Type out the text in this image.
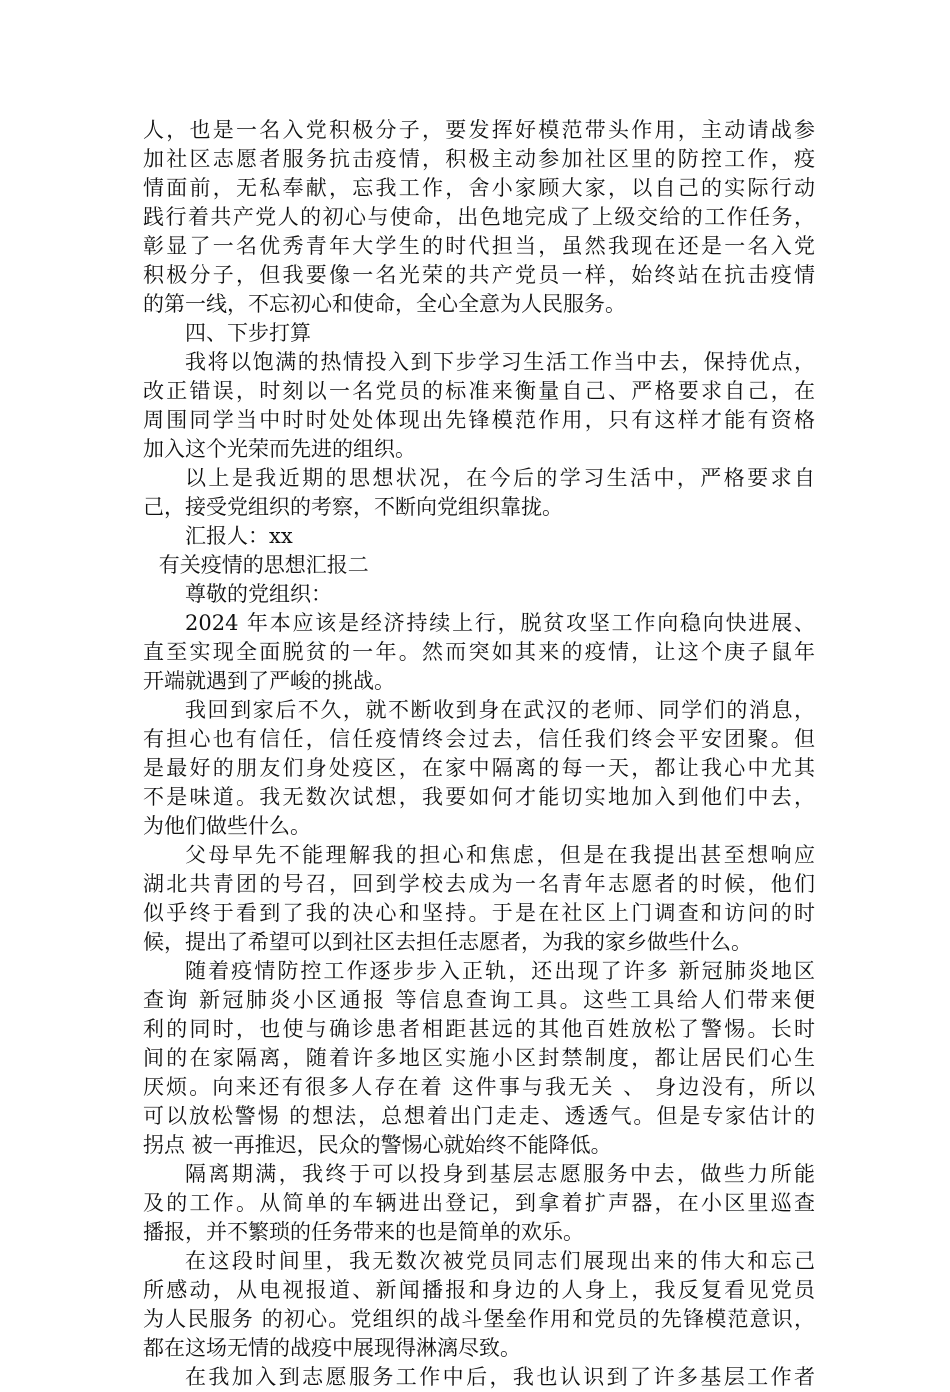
人，也是一名入党积极分子，要发挥好模范带头作用，主动请战参
加社区志愿者服务抗击疫情，积极主动参加社区里的防控工作，疫
情面前，无私奉献，忘我工作，舍小家顾大家，以自己的实际行动
践行着共产党人的初心与使命，出色地完成了上级交给的工作任务，
彰显了一名优秀青年大学生的时代担当，虽然我现在还是一名入党
积极分子，但我要像一名光荣的共产党员一样，始终站在抗击疫情
的第一线，不忘初心和使命，全心全意为人民服务。
四、下步打算
我将以饱满的热情投入到下步学习生活工作当中去，保持优点，
改正错误，时刻以一名党员的标准来衡量自己、严格要求自己，在
周围同学当中时时处处体现出先锋模范作用，只有这样才能有资格
加入这个光荣而先进的组织。
以上是我近期的思想状况，在今后的学习生活中，严格要求自
己，接受党组织的考察，不断向党组织靠拢。
汇报人：xx
有关疫情的思想汇报二
尊敬的党组织：
2024 年本应该是经济持续上行，脱贫攻坚工作向稳向快进展、
直至实现全面脱贫的一年。然而突如其来的疫情，让这个庚子鼠年
开端就遇到了严峻的挑战。
我回到家后不久，就不断收到身在武汉的老师、同学们的消息，
有担心也有信任，信任疫情终会过去，信任我们终会平安团聚。但
是最好的朋友们身处疫区，在家中隔离的每一天，都让我心中尤其
不是味道。我无数次试想，我要如何才能切实地加入到他们中去，
为他们做些什么。
父母早先不能理解我的担心和焦虑，但是在我提出甚至想响应
湖北共青团的号召，回到学校去成为一名青年志愿者的时候，他们
似乎终于看到了我的决心和坚持。于是在社区上门调查和访问的时
候，提出了希望可以到社区去担任志愿者，为我的家乡做些什么。
随着疫情防控工作逐步步入正轨，还出现了许多 新冠肺炎地区
查询 新冠肺炎小区通报 等信息查询工具。这些工具给人们带来便
利的同时，也使与确诊患者相距甚远的其他百姓放松了警惕。长时
间的在家隔离，随着许多地区实施小区封禁制度，都让居民们心生
厌烦。向来还有很多人存在着 这件事与我无关 、 身边没有，所以
可以放松警惕 的想法，总想着出门走走、透透气。但是专家估计的
拐点 被一再推迟，民众的警惕心就始终不能降低。
隔离期满，我终于可以投身到基层志愿服务中去，做些力所能
及的工作。从简单的车辆进出登记，到拿着扩声器，在小区里巡查
播报，并不繁琐的任务带来的也是简单的欢乐。
在这段时间里，我无数次被党员同志们展现出来的伟大和忘己
所感动，从电视报道、新闻播报和身边的人身上，我反复看见党员
为人民服务 的初心。党组织的战斗堡垒作用和党员的先锋模范意识，
都在这场无情的战疫中展现得淋漓尽致。
在我加入到志愿服务工作中后，我也认识到了许多基层工作者
